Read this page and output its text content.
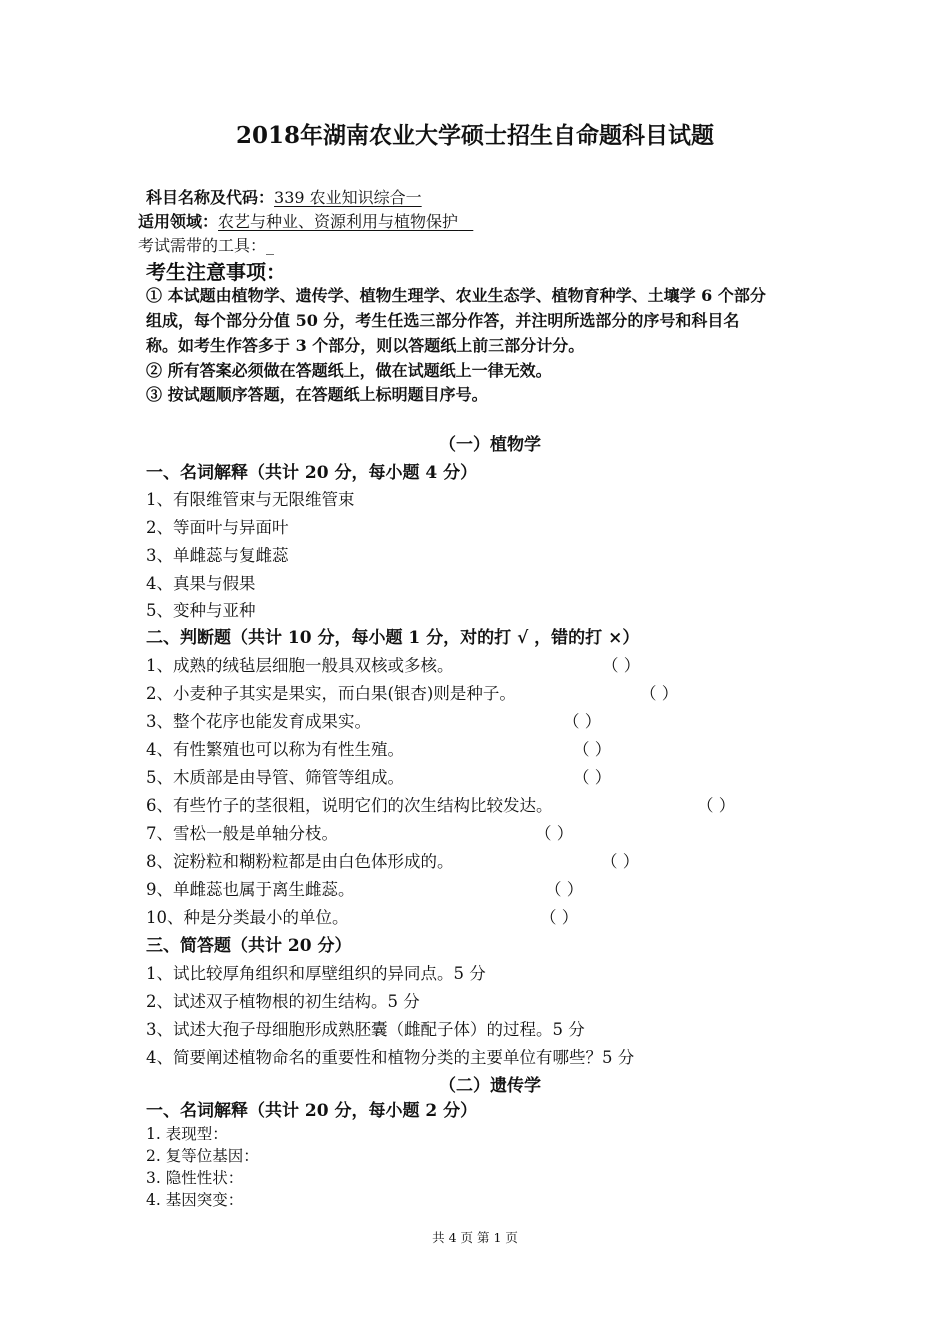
2018年湖南农业大学硕士招生自命题科目试题
科目名称及代码：339 农业知识综合一
适用领域：农艺与种业、资源利用与植物保护
考试需带的工具：_
考生注意事项：
① 本试题由植物学、遗传学、植物生理学、农业生态学、植物育种学、土壤学 6 个部分
组成，每个部分分值 50 分，考生任选三部分作答，并注明所选部分的序号和科目名
称。如考生作答多于 3 个部分，则以答题纸上前三部分计分。
② 所有答案必须做在答题纸上，做在试题纸上一律无效。
③ 按试题顺序答题，在答题纸上标明题目序号。
（一）植物学
一、名词解释（共计 20 分，每小题 4 分）
1、有限维管束与无限维管束
2、等面叶与异面叶
3、单雌蕊与复雌蕊
4、真果与假果
5、变种与亚种
二、判断题（共计 10 分，每小题 1 分，对的打 √ ，错的打 ×）
1、成熟的绒毡层细胞一般具双核或多核。	（ ）
2、小麦种子其实是果实，而白果(银杏)则是种子。	（ ）
3、整个花序也能发育成果实。	（ ）
4、有性繁殖也可以称为有性生殖。	（ ）
5、木质部是由导管、筛管等组成。	（ ）
6、有些竹子的茎很粗，说明它们的次生结构比较发达。	（ ）
7、雪松一般是单轴分枝。	（ ）
8、淀粉粒和糊粉粒都是由白色体形成的。	（ ）
9、单雌蕊也属于离生雌蕊。	（ ）
10、种是分类最小的单位。	（ ）
三、简答题（共计 20 分）
1、试比较厚角组织和厚壁组织的异同点。5 分
2、试述双子植物根的初生结构。5 分
3、试述大孢子母细胞形成熟胚囊（雌配子体）的过程。5 分
4、简要阐述植物命名的重要性和植物分类的主要单位有哪些？5 分
（二）遗传学
一、名词解释（共计 20 分，每小题 2 分）
1. 表现型：
2. 复等位基因：
3. 隐性性状：
4. 基因突变：
共 4 页 第 1 页
